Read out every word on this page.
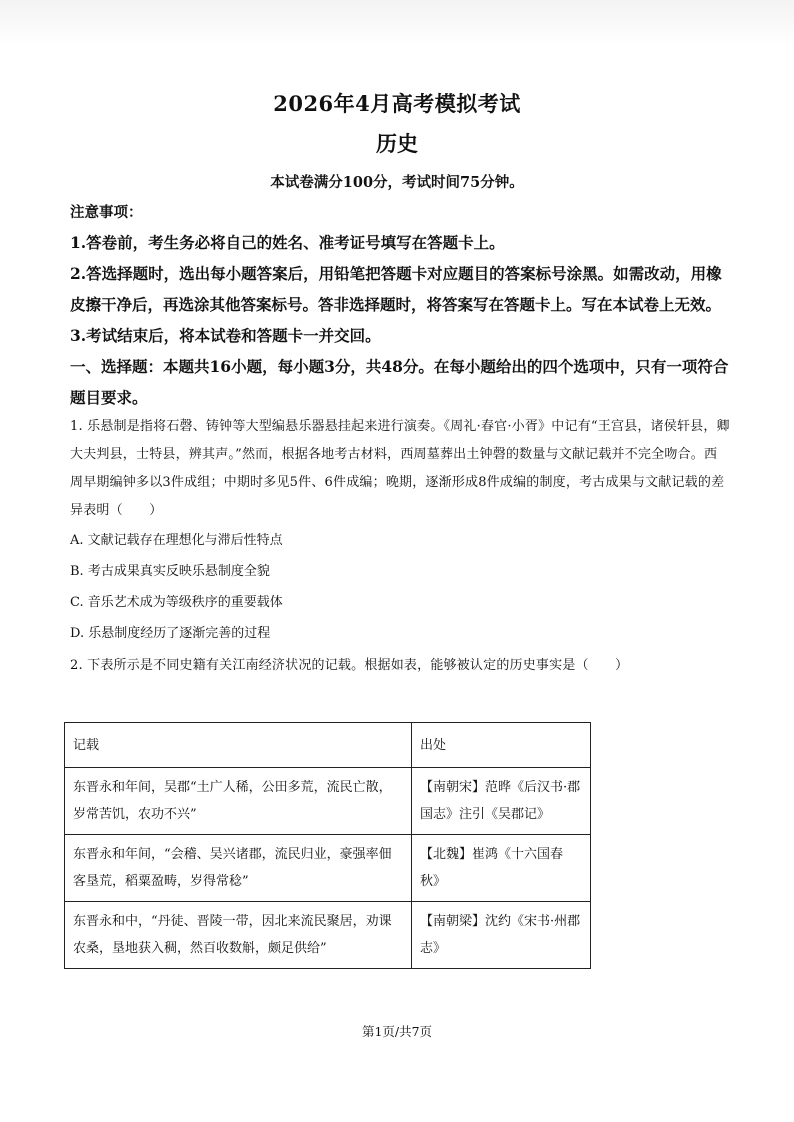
2026年4月高考模拟考试
历史
本试卷满分100分，考试时间75分钟。

注意事项：

1.答卷前，考生务必将自己的姓名、准考证号填写在答题卡上。

2.答选择题时，选出每小题答案后，用铅笔把答题卡对应题目的答案标号涂黑。如需改动，用橡皮擦干净后，再选涂其他答案标号。答非选择题时，将答案写在答题卡上。写在本试卷上无效。

3.考试结束后，将本试卷和答题卡一并交回。

一、选择题：本题共16小题，每小题3分，共48分。在每小题给出的四个选项中，只有一项符合题目要求。

1. 乐悬制是指将石磬、铸钟等大型编悬乐器悬挂起来进行演奏。《周礼·春官·小胥》中记有“王宫县，诸侯轩县，卿大夫判县，士特县，辨其声。”然而，根据各地考古材料，西周墓葬出土钟磬的数量与文献记载并不完全吻合。西周早期编钟多以3件成组；中期时多见5件、6件成编；晚期，逐渐形成8件成编的制度，考古成果与文献记载的差异表明（　　）

A. 文献记载存在理想化与滞后性特点

B. 考古成果真实反映乐悬制度全貌

C. 音乐艺术成为等级秩序的重要载体

D. 乐悬制度经历了逐渐完善的过程

2. 下表所示是不同史籍有关江南经济状况的记载。根据如表，能够被认定的历史事实是（　　）

记载	出处
东晋永和年间，吴郡“土广人稀，公田多荒，流民亡散，岁常苦饥，农功不兴”	【南朝宋】范晔《后汉书·郡国志》注引《吴郡记》
东晋永和年间，“会稽、吴兴诸郡，流民归业，豪强率佃客垦荒，稻粟盈畴，岁得常稔”	【北魏】崔鸿《十六国春秋》
东晋永和中，“丹徒、晋陵一带，因北来流民聚居，劝课农桑，垦地获入稠，然百收数斛，颇足供给”	【南朝梁】沈约《宋书·州郡志》
第1页/共7页
